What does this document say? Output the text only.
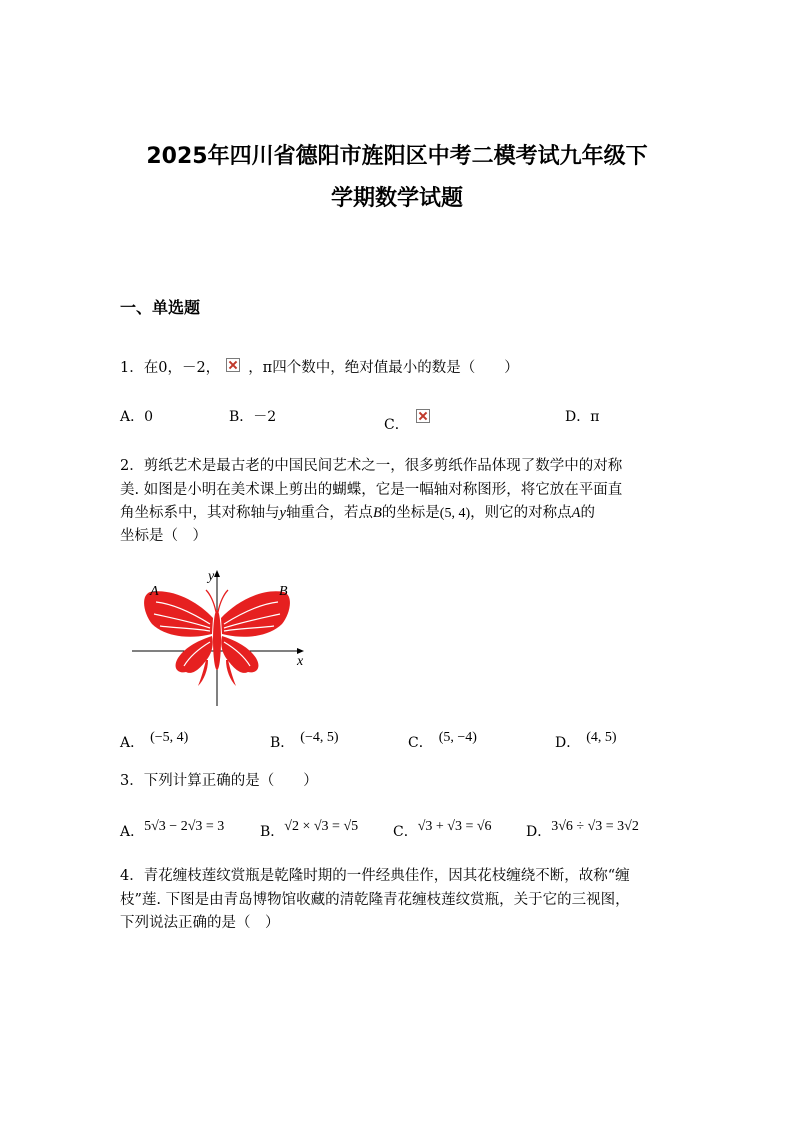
2025年四川省德阳市旌阳区中考二模考试九年级下
学期数学试题
一、单选题
1．在0，－2， ，π四个数中，绝对值最小的数是（　　）
A．0	B．－2	C．	D．π
2．剪纸艺术是最古老的中国民间艺术之一，很多剪纸作品体现了数学中的对称
美. 如图是小明在美术课上剪出的蝴蝶，它是一幅轴对称图形，将它放在平面直
角坐标系中，其对称轴与y轴重合，若点B的坐标是(5, 4)，则它的对称点A的
坐标是（　）
A	B
x
y
A． (−5, 4)	B． (−4, 5)	C． (5, −4)	D． (4, 5)
3．下列计算正确的是（　　）
A．5√3 − 2√3 = 3	B．√2 × √3 = √5 C．√3 + √3 = √6 D．3√6 ÷ √3 = 3√2
4．青花缠枝莲纹赏瓶是乾隆时期的一件经典佳作，因其花枝缠绕不断，故称“缠
枝”莲. 下图是由青岛博物馆收藏的清乾隆青花缠枝莲纹赏瓶，关于它的三视图，
下列说法正确的是（　）
